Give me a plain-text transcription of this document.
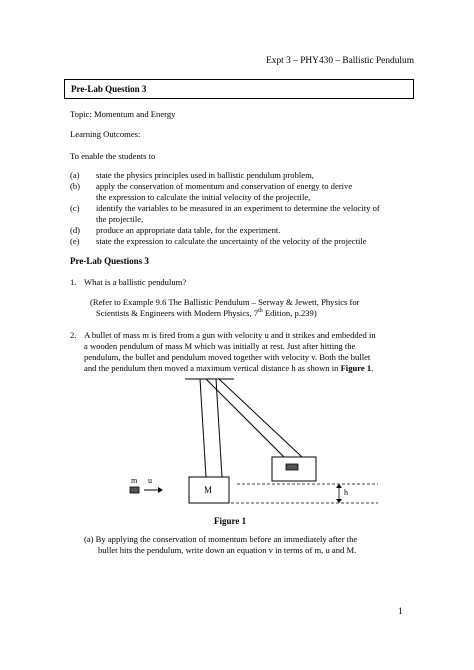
Expt 3 – PHY430 – Ballistic Pendulum
Pre-Lab Question 3
Topic: Momentum and Energy
Learning Outcomes:
To enable the students to
(a) state the physics principles used in ballistic pendulum problem,
(b) apply the conservation of momentum and conservation of energy to derive
the expression to calculate the initial velocity of the projectile,
(c) identify the variables to be measured in an experiment to determine the velocity of
the projectile,
(d) produce an appropriate data table, for the experiment.
(e) state the expression to calculate the uncertainty of the velocity of the projectile
Pre-Lab Questions 3
1. What is a ballistic pendulum?
(Refer to Example 9.6 The Ballistic Pendulum – Serway & Jewett, Physics for
Scientists & Engineers with Modern Physics, 7th Edition, p.239)
2. A bullet of mass m is fired from a gun with velocity u and it strikes and embedded in
a wooden pendulum of mass M which was initially at rest. Just after hitting the
pendulum, the bullet and pendulum moved together with velocity v. Both the bullet
and the pendulum then moved a maximum vertical distance h as shown in Figure 1.
m u
M	h
Figure 1
(a) By applying the conservation of momentum before an immediately after the
bullet hits the pendulum, write down an equation v in terms of m, u and M.
1
